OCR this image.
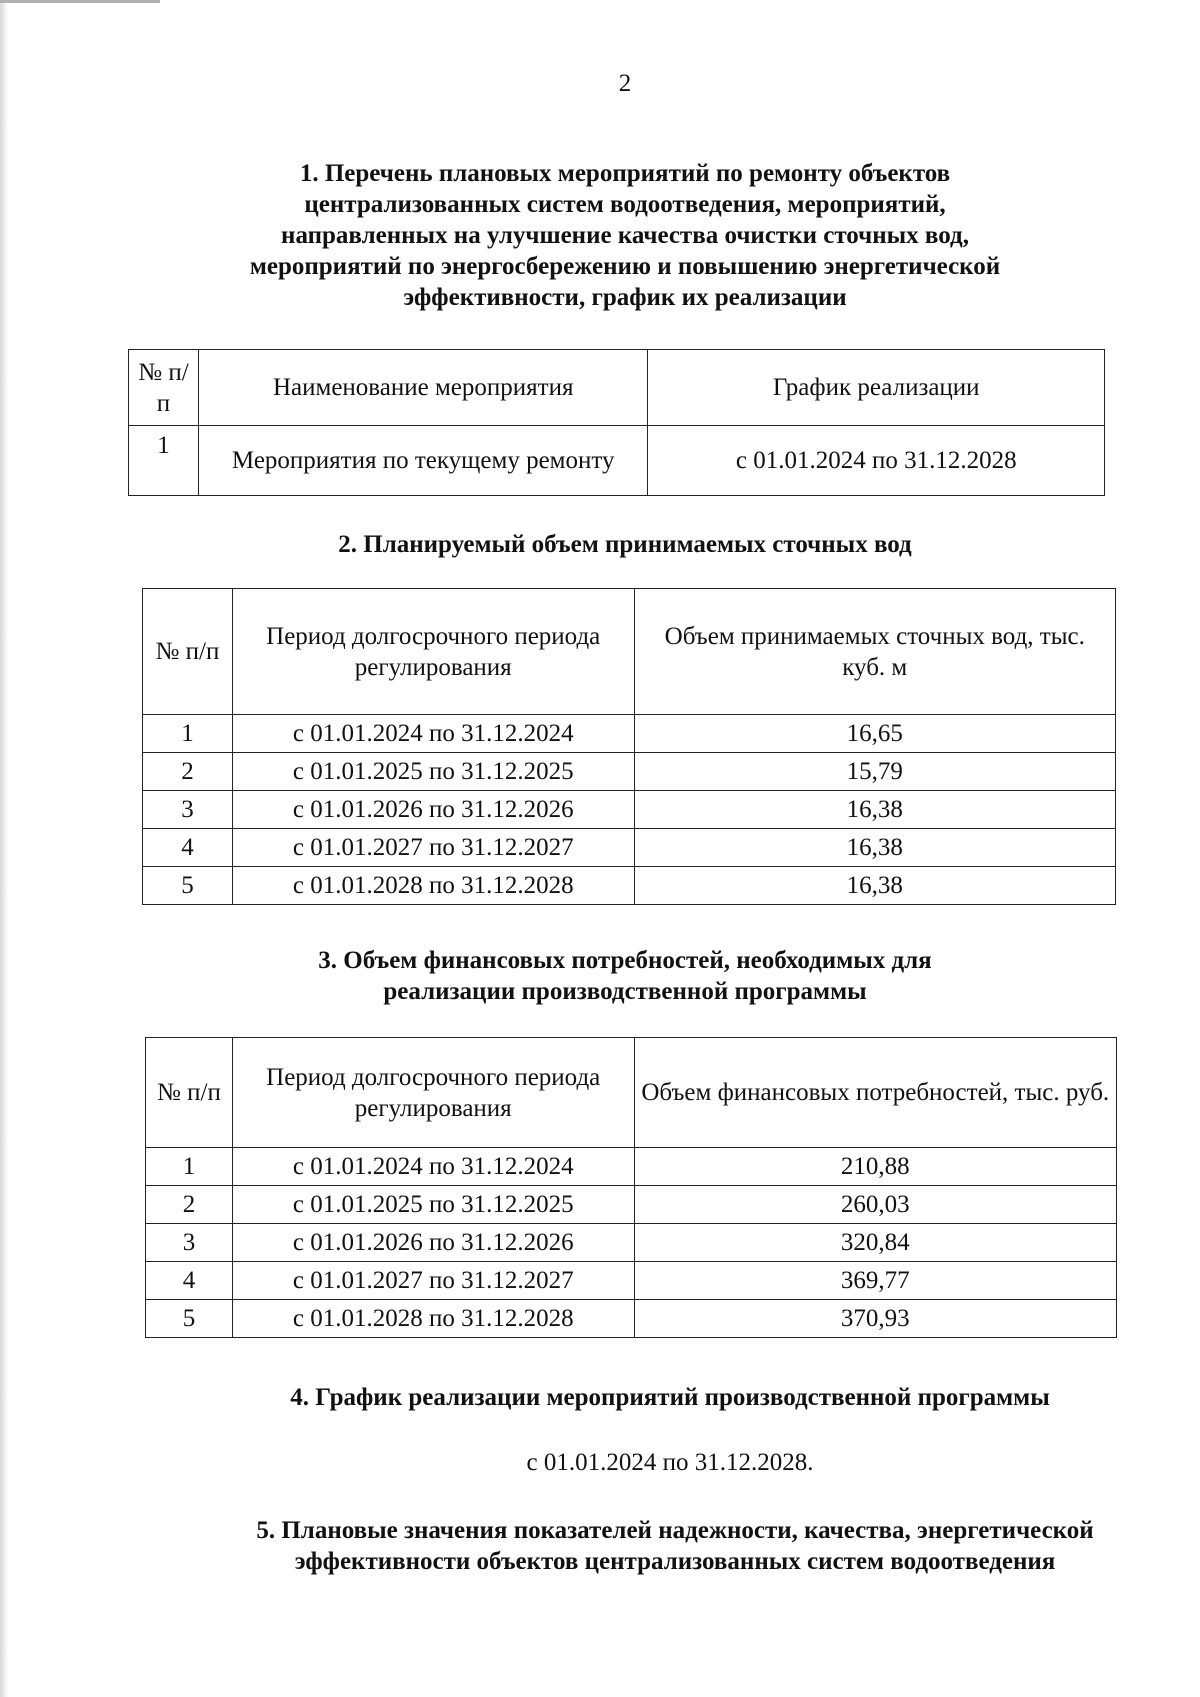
2
1. Перечень плановых мероприятий по ремонту объектов
централизованных систем водоотведения, мероприятий,
направленных на улучшение качества очистки сточных вод,
мероприятий по энергосбережению и повышению энергетической
эффективности, график их реализации
№ п/п	Наименование мероприятия	График реализации
1	Мероприятия по текущему ремонту	с 01.01.2024 по 31.12.2028
2. Планируемый объем принимаемых сточных вод
№ п/п	Период долгосрочного периода регулирования	Объем принимаемых сточных вод, тыс. куб. м
1	с 01.01.2024 по 31.12.2024	16,65
2	с 01.01.2025 по 31.12.2025	15,79
3	с 01.01.2026 по 31.12.2026	16,38
4	с 01.01.2027 по 31.12.2027	16,38
5	с 01.01.2028 по 31.12.2028	16,38
3. Объем финансовых потребностей, необходимых для
реализации производственной программы
№ п/п	Период долгосрочного периода регулирования	Объем финансовых потребностей, тыс. руб.
1	с 01.01.2024 по 31.12.2024	210,88
2	с 01.01.2025 по 31.12.2025	260,03
3	с 01.01.2026 по 31.12.2026	320,84
4	с 01.01.2027 по 31.12.2027	369,77
5	с 01.01.2028 по 31.12.2028	370,93
4. График реализации мероприятий производственной программы
с 01.01.2024 по 31.12.2028.
5. Плановые значения показателей надежности, качества, энергетической
эффективности объектов централизованных систем водоотведения
